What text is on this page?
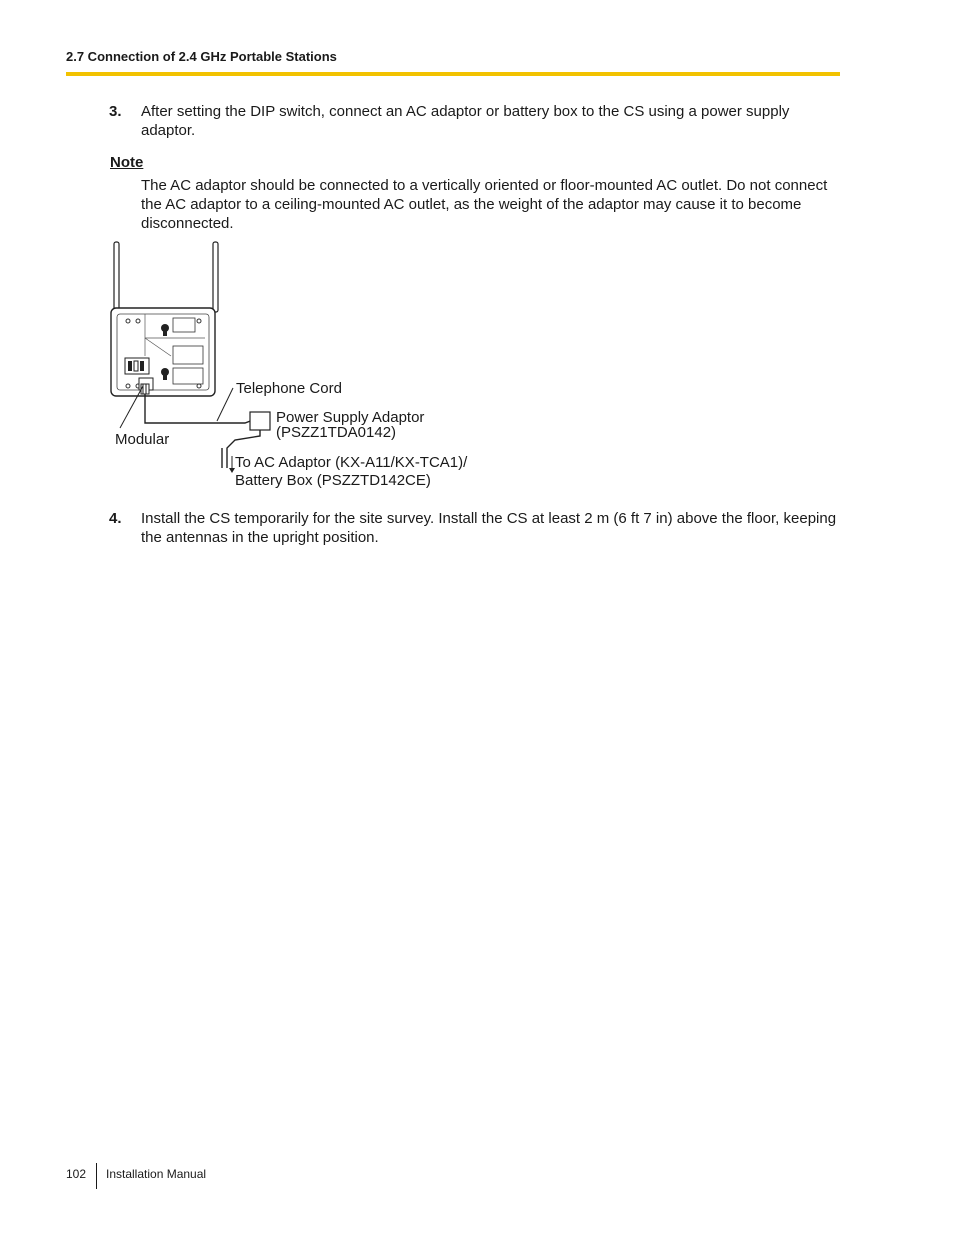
2.7 Connection of 2.4 GHz Portable Stations
3. After setting the DIP switch, connect an AC adaptor or battery box to the CS using a power supply adaptor.
Note
The AC adaptor should be connected to a vertically oriented or floor-mounted AC outlet. Do not connect the AC adaptor to a ceiling-mounted AC outlet, as the weight of the adaptor may cause it to become disconnected.
Telephone Cord
Power Supply Adaptor
(PSZZ1TDA0142)
Modular
To AC Adaptor (KX-A11/KX-TCA1)/
Battery Box (PSZZTD142CE)
4. Install the CS temporarily for the site survey. Install the CS at least 2 m (6 ft 7 in) above the floor, keeping the antennas in the upright position.
102 Installation Manual
